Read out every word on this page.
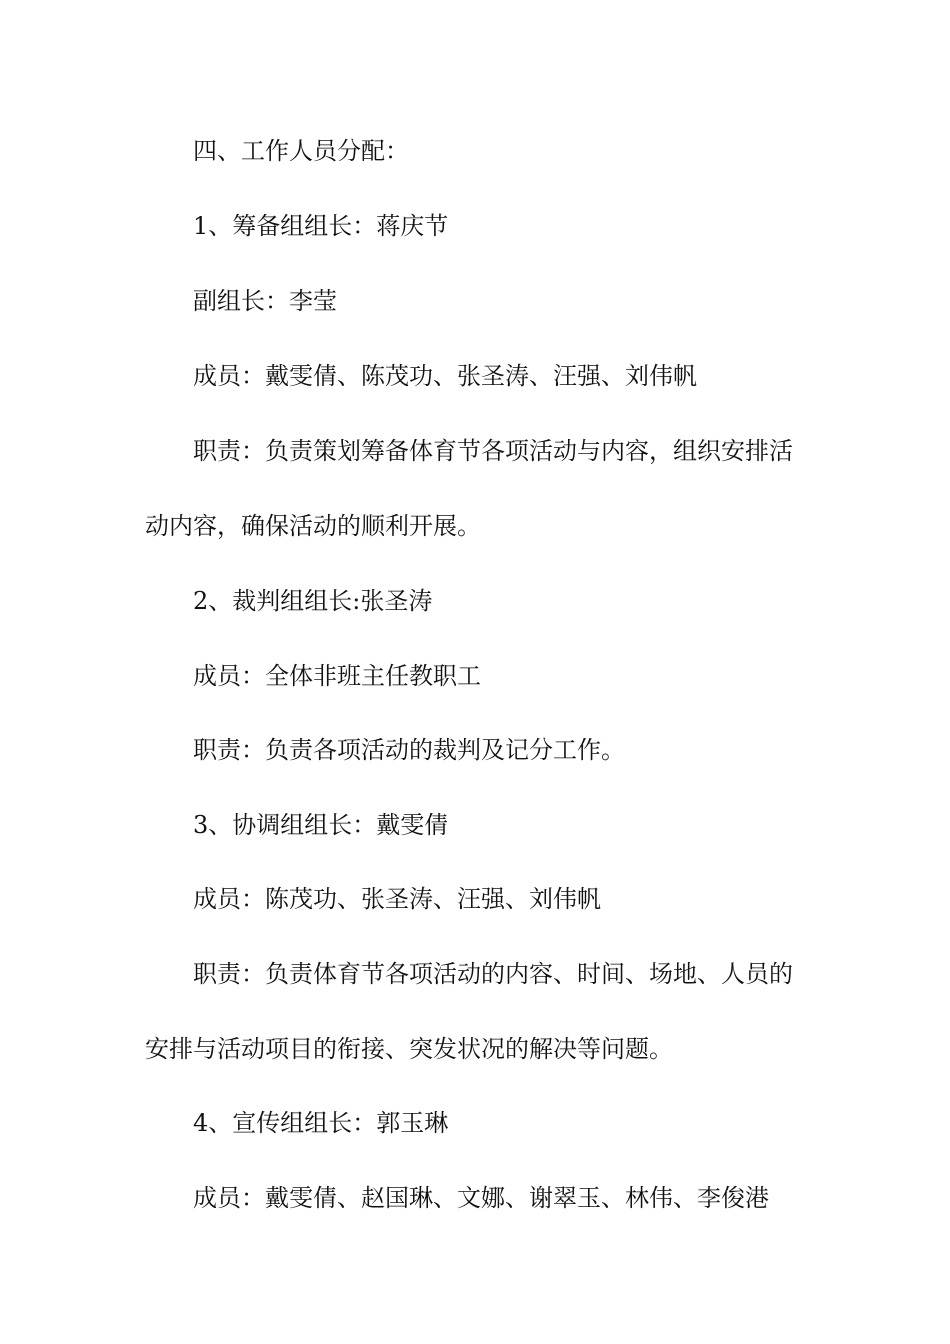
四、工作人员分配：
1、筹备组组长：蒋庆节
副组长：李莹
成员：戴雯倩、陈茂功、张圣涛、汪强、刘伟帆
职责：负责策划筹备体育节各项活动与内容，组织安排活
动内容，确保活动的顺利开展。
2、裁判组组长:张圣涛
成员：全体非班主任教职工
职责：负责各项活动的裁判及记分工作。
3、协调组组长：戴雯倩
成员：陈茂功、张圣涛、汪强、刘伟帆
职责：负责体育节各项活动的内容、时间、场地、人员的
安排与活动项目的衔接、突发状况的解决等问题。
4、宣传组组长：郭玉琳
成员：戴雯倩、赵国琳、文娜、谢翠玉、林伟、李俊港
